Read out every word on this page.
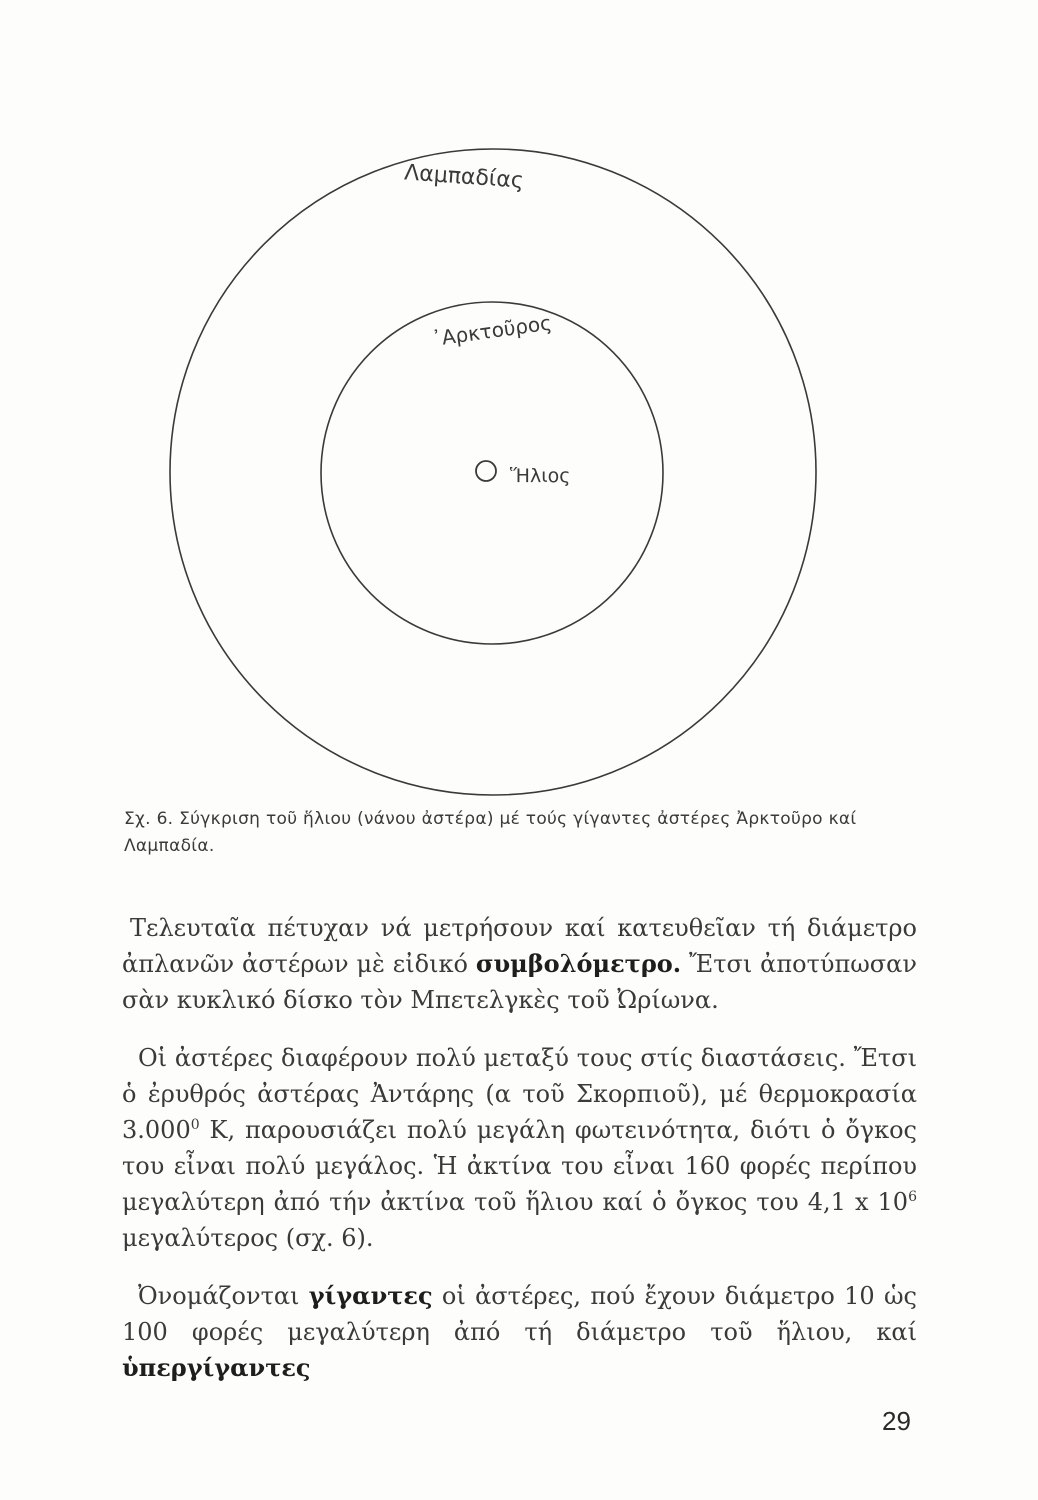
Λαμπαδίας
᾿Αρκτοῦρος
Ἥλιος
Σχ. 6. Σύγκριση τοῦ ἥλιου (νάνου ἀστέρα) μέ τούς γίγαντες ἀστέρες Ἀρκτοῦρο καί Λαμπαδία.

Τελευταῖα πέτυχαν νά μετρήσουν καί κατευθεῖαν τή διάμετρο ἀπλανῶν ἀστέρων μὲ εἰδικό συμβολόμετρο. Ἔτσι ἀποτύπωσαν σὰν κυκλικό δίσκο τὸν Μπετελγκὲς τοῦ Ὠρίωνα.

Οἱ ἀστέρες διαφέρουν πολύ μεταξύ τους στίς διαστάσεις. Ἔτσι ὁ ἐρυθρός ἀστέρας Ἀντάρης (α τοῦ Σκορπιοῦ), μέ θερμοκρασία 3.000$^0$ K, παρουσιάζει πολύ μεγάλη φωτεινότητα, διότι ὁ ὄγκος του εἶναι πολύ μεγάλος. Ἡ ἀκτίνα του εἶναι 160 φορές περίπου μεγαλύτερη ἀπό τήν ἀκτίνα τοῦ ἥλιου καί ὁ ὄγκος του 4,1 x $10^6$ μεγαλύτερος (σχ. 6).

Ὀνομάζονται γίγαντες οἱ ἀστέρες, πού ἔχουν διάμετρο 10 ὡς 100 φορές μεγαλύτερη ἀπό τή διάμετρο τοῦ ἥλιου, καί ὑπεργίγαντες

29
